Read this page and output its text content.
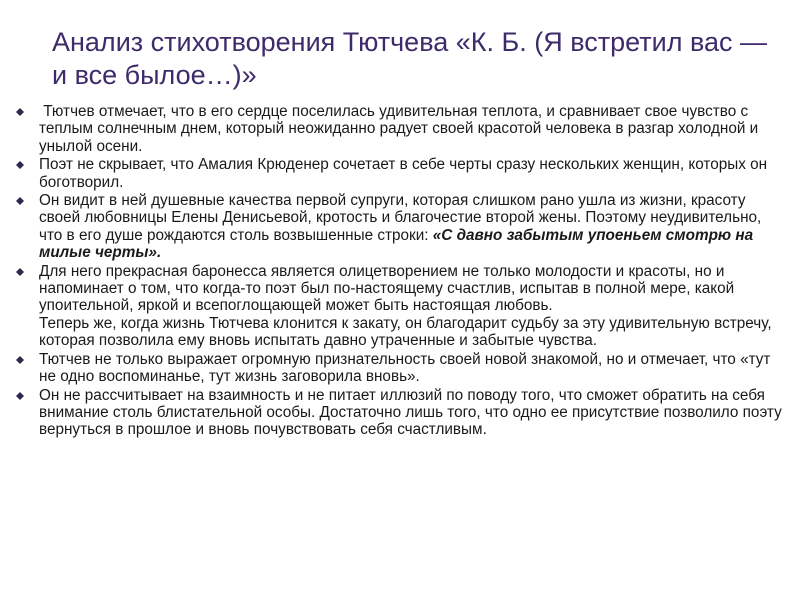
Анализ стихотворения Тютчева «К. Б. (Я встретил вас — и все былое…)»
Тютчев отмечает, что в его сердце поселилась удивительная теплота, и сравнивает свое чувство с теплым солнечным днем, который неожиданно радует своей красотой человека в разгар холодной и унылой осени.
Поэт не скрывает, что Амалия Крюденер сочетает в себе черты сразу нескольких женщин, которых он боготворил.
Он видит в ней душевные качества первой супруги, которая слишком рано ушла из жизни, красоту своей любовницы Елены Денисьевой, кротость и благочестие второй жены. Поэтому неудивительно, что в его душе рождаются столь возвышенные строки: «С давно забытым упоеньем смотрю на милые черты».
Для него прекрасная баронесса является олицетворением не только молодости и красоты, но и напоминает о том, что когда-то поэт был по-настоящему счастлив, испытав в полной мере, какой упоительной, яркой и всепоглощающей может быть настоящая любовь.
Теперь же, когда жизнь Тютчева клонится к закату, он благодарит судьбу за эту удивительную встречу, которая позволила ему вновь испытать давно утраченные и забытые чувства.
Тютчев не только выражает огромную признательность своей новой знакомой, но и отмечает, что «тут не одно воспоминанье, тут жизнь заговорила вновь».
Он не рассчитывает на взаимность и не питает иллюзий по поводу того, что сможет обратить на себя внимание столь блистательной особы. Достаточно лишь того, что одно ее присутствие позволило поэту вернуться в прошлое и вновь почувствовать себя счастливым.
